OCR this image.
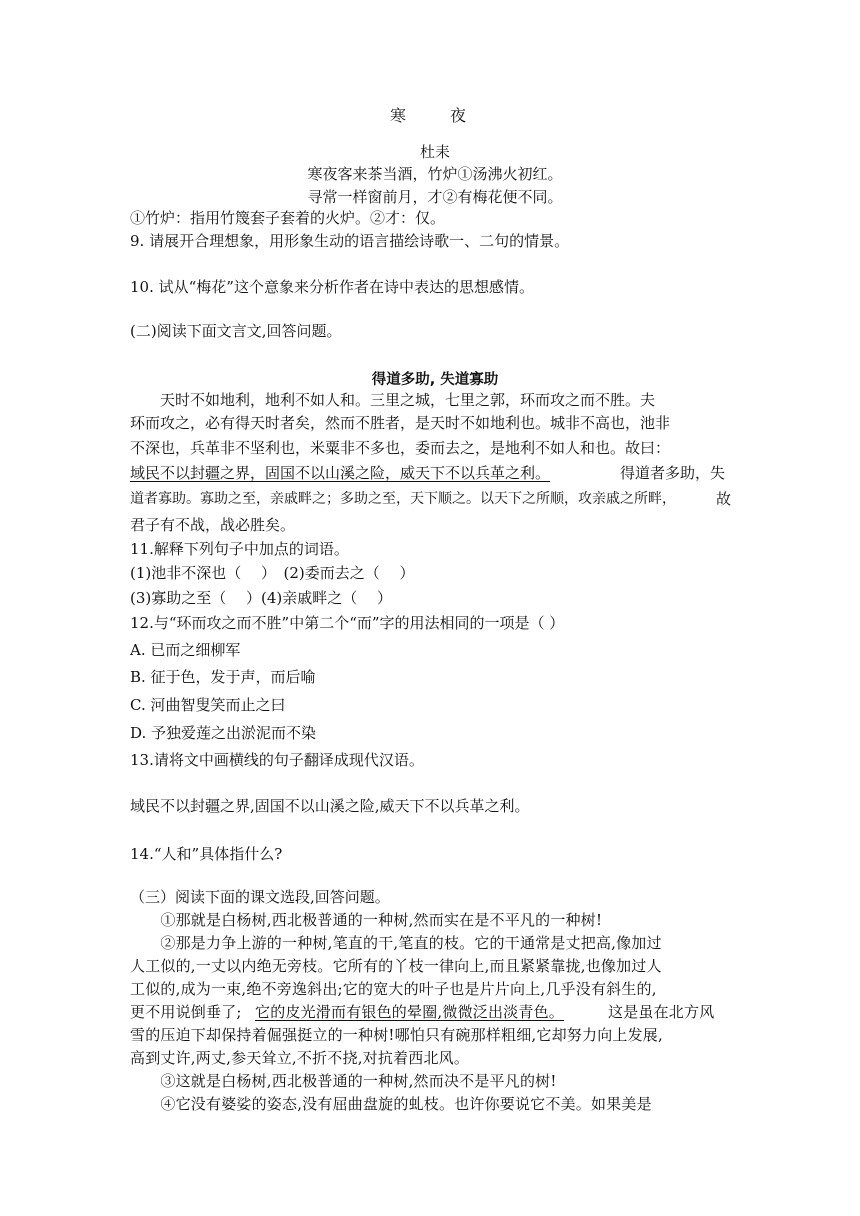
寒　夜
杜耒
寒夜客来茶当酒，竹炉①汤沸火初红。
寻常一样窗前月，才②有梅花便不同。
①竹炉：指用竹篾套子套着的火炉。②才：仅。
9. 请展开合理想象，用形象生动的语言描绘诗歌一、二句的情景。
10. 试从“梅花”这个意象来分析作者在诗中表达的思想感情。
(二)阅读下面文言文,回答问题。
得道多助, 失道寡助
　　天时不如地利，地利不如人和。三里之城，七里之郭，环而攻之而不胜。夫
环而攻之，必有得天时者矣，然而不胜者，是天时不如地利也。城非不高也，池非
不深也，兵革非不坚利也，米粟非不多也，委而去之，是地利不如人和也。故曰：
域民不以封疆之界，固国不以山溪之险，威天下不以兵革之利。	得道者多助，失
道者寡助。寡助之至，亲戚畔之；多助之至，天下顺之。以天下之所顺，攻亲戚之所畔，	故
君子有不战，战必胜矣。
11.解释下列句子中加点的词语。
(1)池非不深也（　 ）　(2)委而去之（　 ）
(3)寡助之至（　 ）(4)亲戚畔之（　 ）
12.与“环而攻之而不胜”中第二个“而”字的用法相同的一项是（ ）
A. 已而之细柳军
B. 征于色，发于声，而后喻
C. 河曲智叟笑而止之曰
D. 予独爱莲之出淤泥而不染
13.请将文中画横线的句子翻译成现代汉语。
域民不以封疆之界,固国不以山溪之险,威天下不以兵革之利。
14.“人和”具体指什么?
（三）阅读下面的课文选段,回答问题。
　　①那就是白杨树,西北极普通的一种树,然而实在是不平凡的一种树!
　　②那是力争上游的一种树,笔直的干,笔直的枝。它的干通常是丈把高,像加过
人工似的,一丈以内绝无旁枝。它所有的丫枝一律向上,而且紧紧靠拢,也像加过人
工似的,成为一束,绝不旁逸斜出;它的宽大的叶子也是片片向上,几乎没有斜生的,
更不用说倒垂了; 它的皮光滑而有银色的晕圈,微微泛出淡青色。	这是虽在北方风
雪的压迫下却保持着倔强挺立的一种树!哪怕只有碗那样粗细,它却努力向上发展,
高到丈许,两丈,参天耸立,不折不挠,对抗着西北风。
　　③这就是白杨树,西北极普通的一种树,然而决不是平凡的树!
　　④它没有婆娑的姿态,没有屈曲盘旋的虬枝。也许你要说它不美。如果美是
